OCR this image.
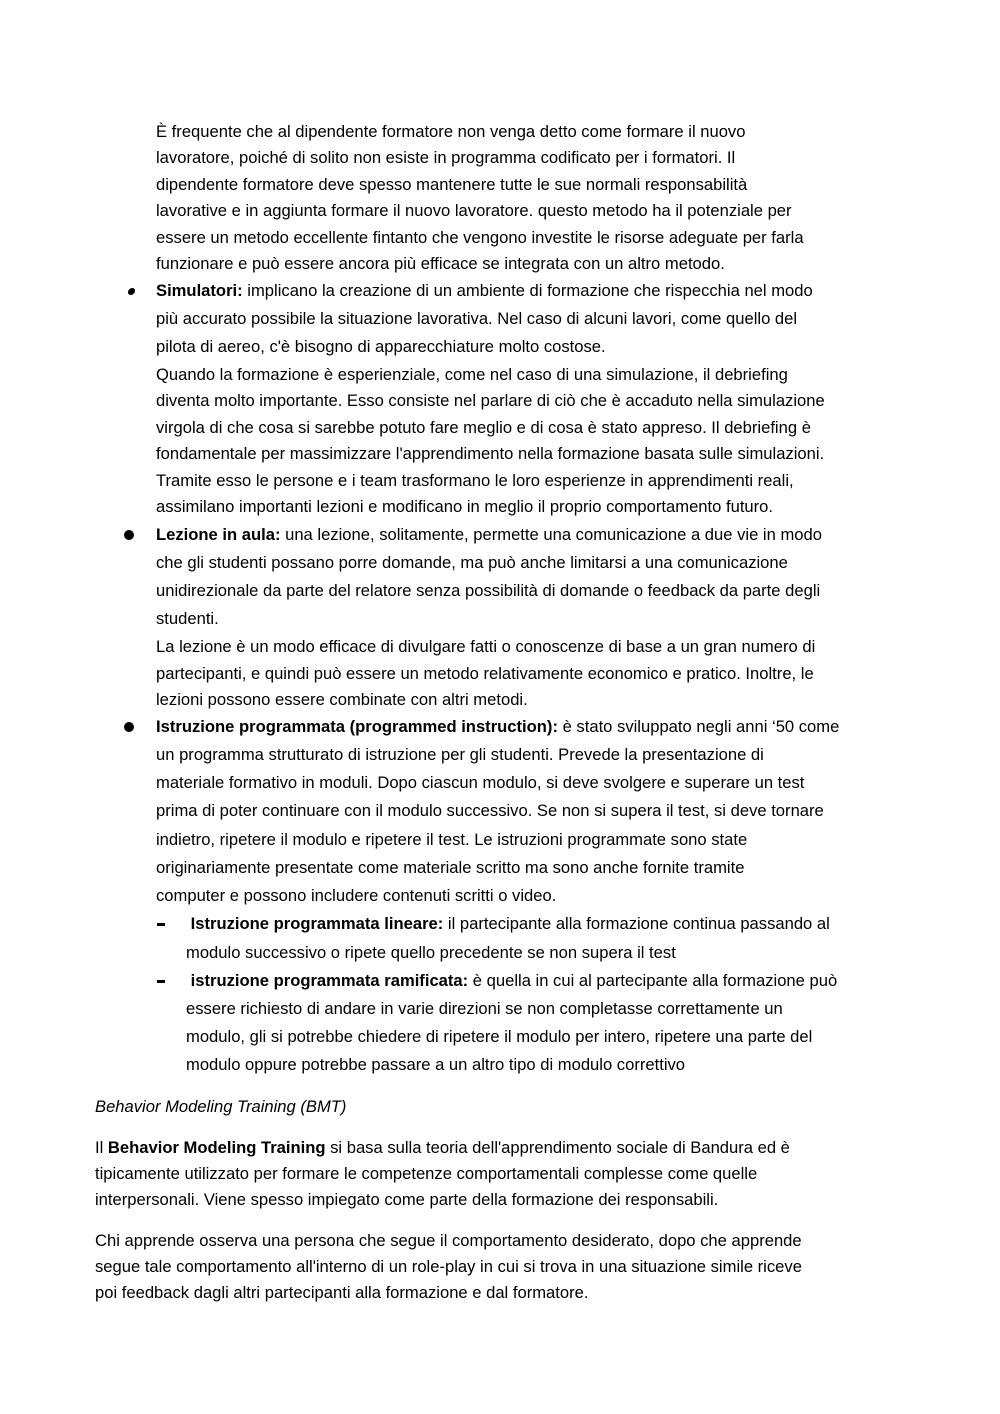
È frequente che al dipendente formatore non venga detto come formare il nuovo
lavoratore, poiché di solito non esiste in programma codificato per i formatori. Il
dipendente formatore deve spesso mantenere tutte le sue normali responsabilità
lavorative e in aggiunta formare il nuovo lavoratore. questo metodo ha il potenziale per
essere un metodo eccellente fintanto che vengono investite le risorse adeguate per farla
funzionare e può essere ancora più efficace se integrata con un altro metodo.
Simulatori: implicano la creazione di un ambiente di formazione che rispecchia nel modo
più accurato possibile la situazione lavorativa. Nel caso di alcuni lavori, come quello del
pilota di aereo, c'è bisogno di apparecchiature molto costose.
Quando la formazione è esperienziale, come nel caso di una simulazione, il debriefing
diventa molto importante. Esso consiste nel parlare di ciò che è accaduto nella simulazione
virgola di che cosa si sarebbe potuto fare meglio e di cosa è stato appreso. Il debriefing è
fondamentale per massimizzare l'apprendimento nella formazione basata sulle simulazioni.
Tramite esso le persone e i team trasformano le loro esperienze in apprendimenti reali,
assimilano importanti lezioni e modificano in meglio il proprio comportamento futuro.
Lezione in aula: una lezione, solitamente, permette una comunicazione a due vie in modo
che gli studenti possano porre domande, ma può anche limitarsi a una comunicazione
unidirezionale da parte del relatore senza possibilità di domande o feedback da parte degli
studenti.
La lezione è un modo efficace di divulgare fatti o conoscenze di base a un gran numero di
partecipanti, e quindi può essere un metodo relativamente economico e pratico. Inoltre, le
lezioni possono essere combinate con altri metodi.
Istruzione programmata (programmed instruction): è stato sviluppato negli anni ‘50 come
un programma strutturato di istruzione per gli studenti. Prevede la presentazione di
materiale formativo in moduli. Dopo ciascun modulo, si deve svolgere e superare un test
prima di poter continuare con il modulo successivo. Se non si supera il test, si deve tornare
indietro, ripetere il modulo e ripetere il test. Le istruzioni programmate sono state
originariamente presentate come materiale scritto ma sono anche fornite tramite
computer e possono includere contenuti scritti o video.
Istruzione programmata lineare: il partecipante alla formazione continua passando al
modulo successivo o ripete quello precedente se non supera il test
istruzione programmata ramificata: è quella in cui al partecipante alla formazione può
essere richiesto di andare in varie direzioni se non completasse correttamente un
modulo, gli si potrebbe chiedere di ripetere il modulo per intero, ripetere una parte del
modulo oppure potrebbe passare a un altro tipo di modulo correttivo
Behavior Modeling Training (BMT)
Il Behavior Modeling Training si basa sulla teoria dell'apprendimento sociale di Bandura ed è
tipicamente utilizzato per formare le competenze comportamentali complesse come quelle
interpersonali. Viene spesso impiegato come parte della formazione dei responsabili.
Chi apprende osserva una persona che segue il comportamento desiderato, dopo che apprende
segue tale comportamento all'interno di un role-play in cui si trova in una situazione simile riceve
poi feedback dagli altri partecipanti alla formazione e dal formatore.
